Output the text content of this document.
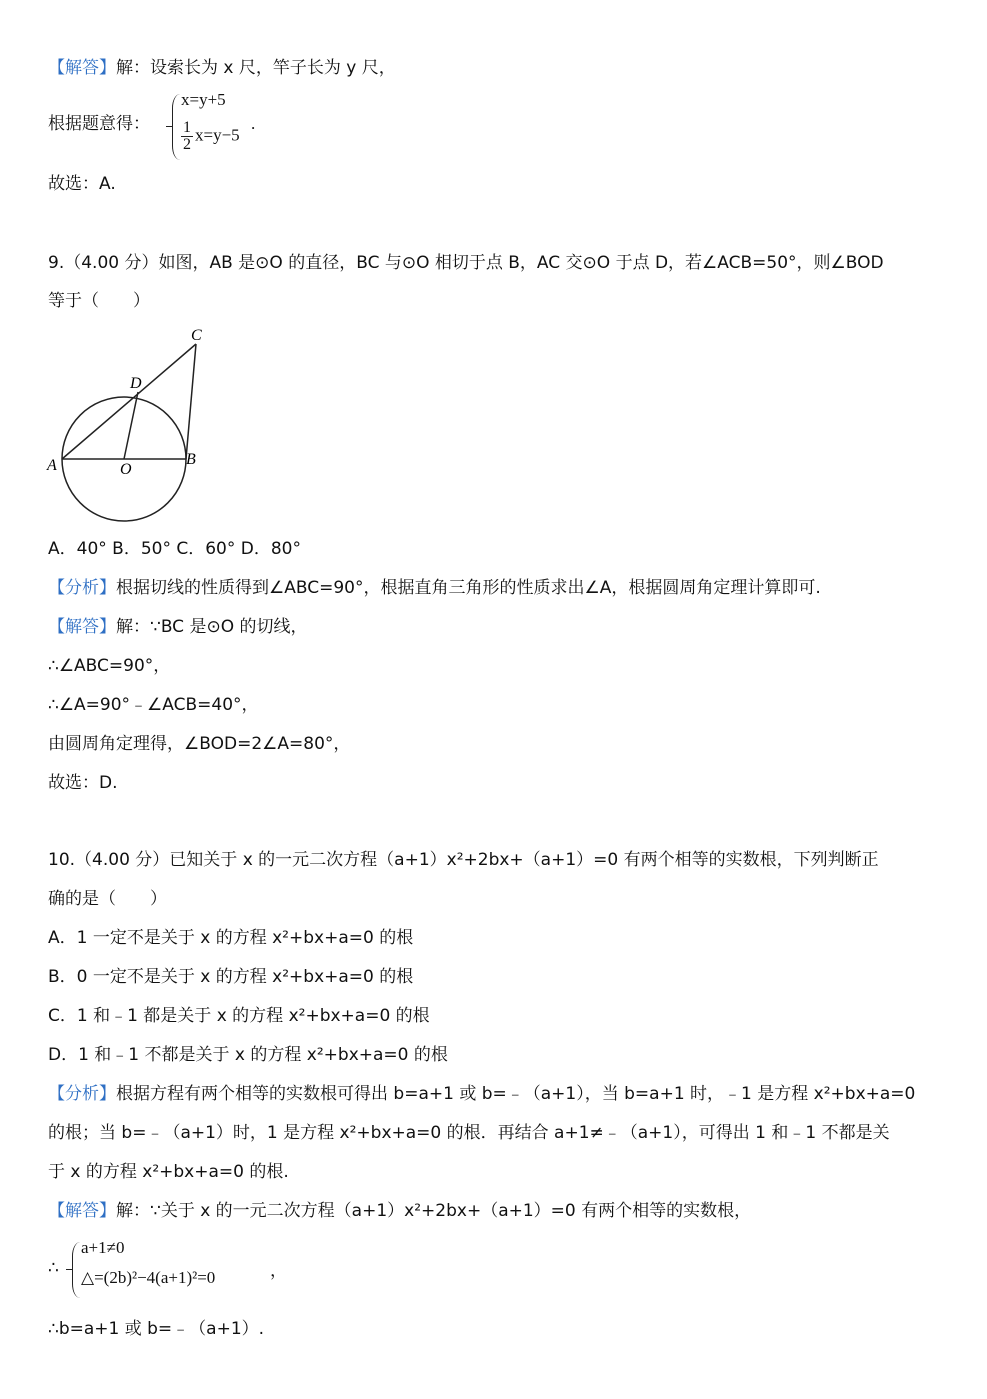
【解答】解：设索长为 x 尺，竿子长为 y 尺，
根据题意得：
x=y+5
$\frac{1}{2} x=y-5$
.
故选：A.
9.（4.00 分）如图，AB 是⊙O 的直径，BC 与⊙O 相切于点 B，AC 交⊙O 于点 D，若∠ACB=50°，则∠BOD
等于（　　）
A	B
C
D
O
A．40° B．50° C．60° D．80°
【分析】根据切线的性质得到∠ABC=90°，根据直角三角形的性质求出∠A，根据圆周角定理计算即可.
【解答】解：∵BC 是⊙O 的切线，
∴∠ABC=90°，
∴∠A=90°﹣∠ACB=40°，
由圆周角定理得，∠BOD=2∠A=80°，
故选：D.
10.（4.00 分）已知关于 x 的一元二次方程（a+1）x²+2bx+（a+1）=0 有两个相等的实数根，下列判断正
确的是（　　）
A．1 一定不是关于 x 的方程 x²+bx+a=0 的根
B．0 一定不是关于 x 的方程 x²+bx+a=0 的根
C．1 和﹣1 都是关于 x 的方程 x²+bx+a=0 的根
D．1 和﹣1 不都是关于 x 的方程 x²+bx+a=0 的根
【分析】根据方程有两个相等的实数根可得出 b=a+1 或 b=﹣（a+1），当 b=a+1 时，﹣1 是方程 x²+bx+a=0
的根；当 b=﹣（a+1）时，1 是方程 x²+bx+a=0 的根．再结合 a+1≠﹣（a+1），可得出 1 和﹣1 不都是关
于 x 的方程 x²+bx+a=0 的根.
【解答】解：∵关于 x 的一元二次方程（a+1）x²+2bx+（a+1）=0 有两个相等的实数根，
∴
a+1≠0
△=(2b)²−4(a+1)²=0	，
∴b=a+1 或 b=﹣（a+1）.
